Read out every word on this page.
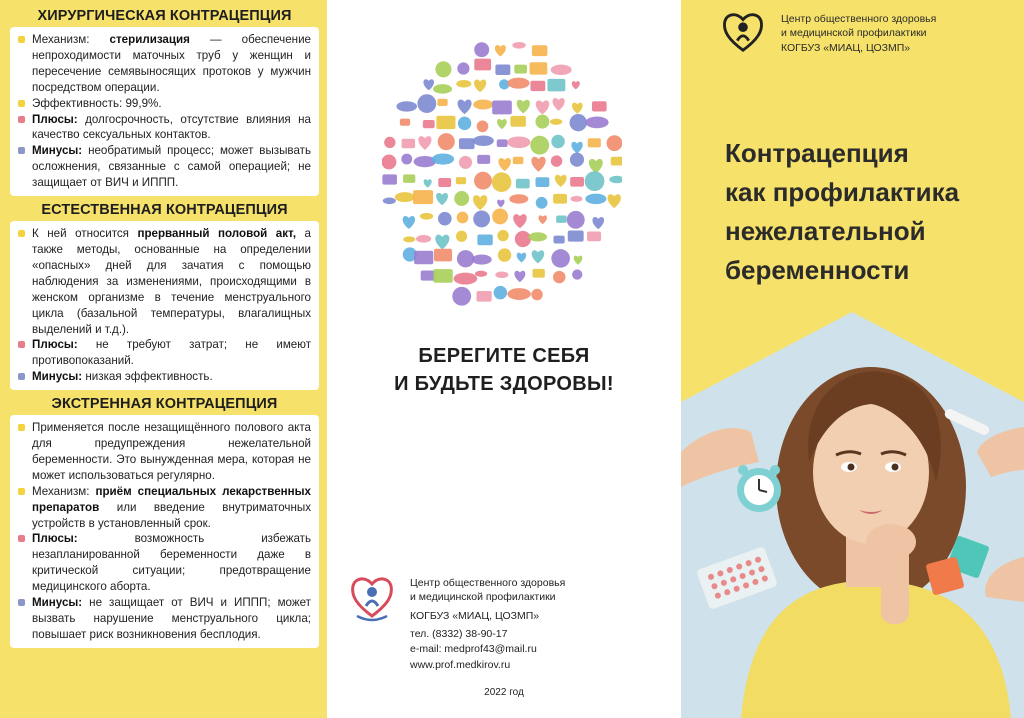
ХИРУРГИЧЕСКАЯ КОНТРАЦЕПЦИЯ
Механизм: стерилизация — обеспечение непроходимости маточных труб у женщин и пересечение семявыносящих протоков у мужчин посредством операции.
Эффективность: 99,9%.
Плюсы: долгосрочность, отсутствие влияния на качество сексуальных контактов.
Минусы: необратимый процесс; может вызывать осложнения, связанные с самой операцией; не защищает от ВИЧ и ИППП.
ЕСТЕСТВЕННАЯ КОНТРАЦЕПЦИЯ
К ней относится прерванный половой акт, а также методы, основанные на определении «опасных» дней для зачатия с помощью наблюдения за изменениями, происходящими в женском организме в течение менструального цикла (базальной температуры, влагалищных выделений и т.д.).
Плюсы: не требуют затрат; не имеют противопоказаний.
Минусы: низкая эффективность.
ЭКСТРЕННАЯ КОНТРАЦЕПЦИЯ
Применяется после незащищённого полового акта для предупреждения нежелательной беременности. Это вынужденная мера, которая не может использоваться регулярно.
Механизм: приём специальных лекарственных препаратов или введение внутриматочных устройств в установленный срок.
Плюсы: возможность избежать незапланированной беременности даже в критической ситуации; предотвращение медицинского аборта.
Минусы: не защищает от ВИЧ и ИППП; может вызвать нарушение менструального цикла; повышает риск возникновения бесплодия.
БЕРЕГИТЕ СЕБЯ
И БУДЬТЕ ЗДОРОВЫ!
Центр общественного здоровья
и медицинской профилактики
КОГБУЗ «МИАЦ, ЦОЗМП»
тел. (8332) 38-90-17
e-mail: medprof43@mail.ru
www.prof.medkirov.ru
2022 год
Центр общественного здоровья
и медицинской профилактики
КОГБУЗ «МИАЦ, ЦОЗМП»
Контрацепция
как профилактика
нежелательной
беременности
